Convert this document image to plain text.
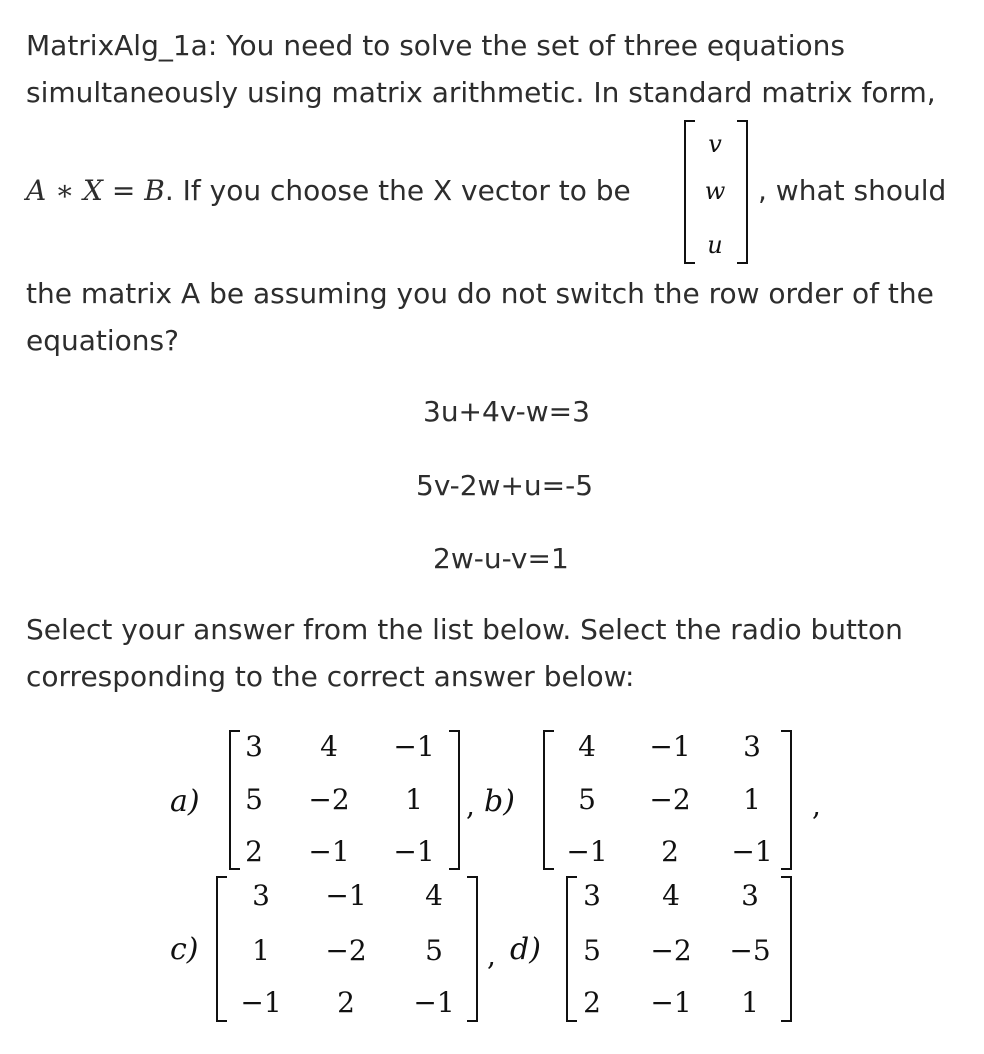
MatrixAlg_1a: You need to solve the set of three equations simultaneously using matrix arithmetic. In standard matrix form,
A ∗ X = B. If you choose the X vector to be
v
w
u
, what should
the matrix A be assuming you do not switch the row order of the equations?
3u+4v-w=3
5v-2w+u=-5
2w-u-v=1
Select your answer from the list below. Select the radio button corresponding to the correct answer below:
a)
3	4	−1
5	−2	1
2	−1	−1
, b)
4	−1	3
5	−2	1
−1	2	−1
,
c)
3	−1	4
1	−2	5
−1	2	−1
, d)
3	4	3
5	−2	−5
2	−1	1
